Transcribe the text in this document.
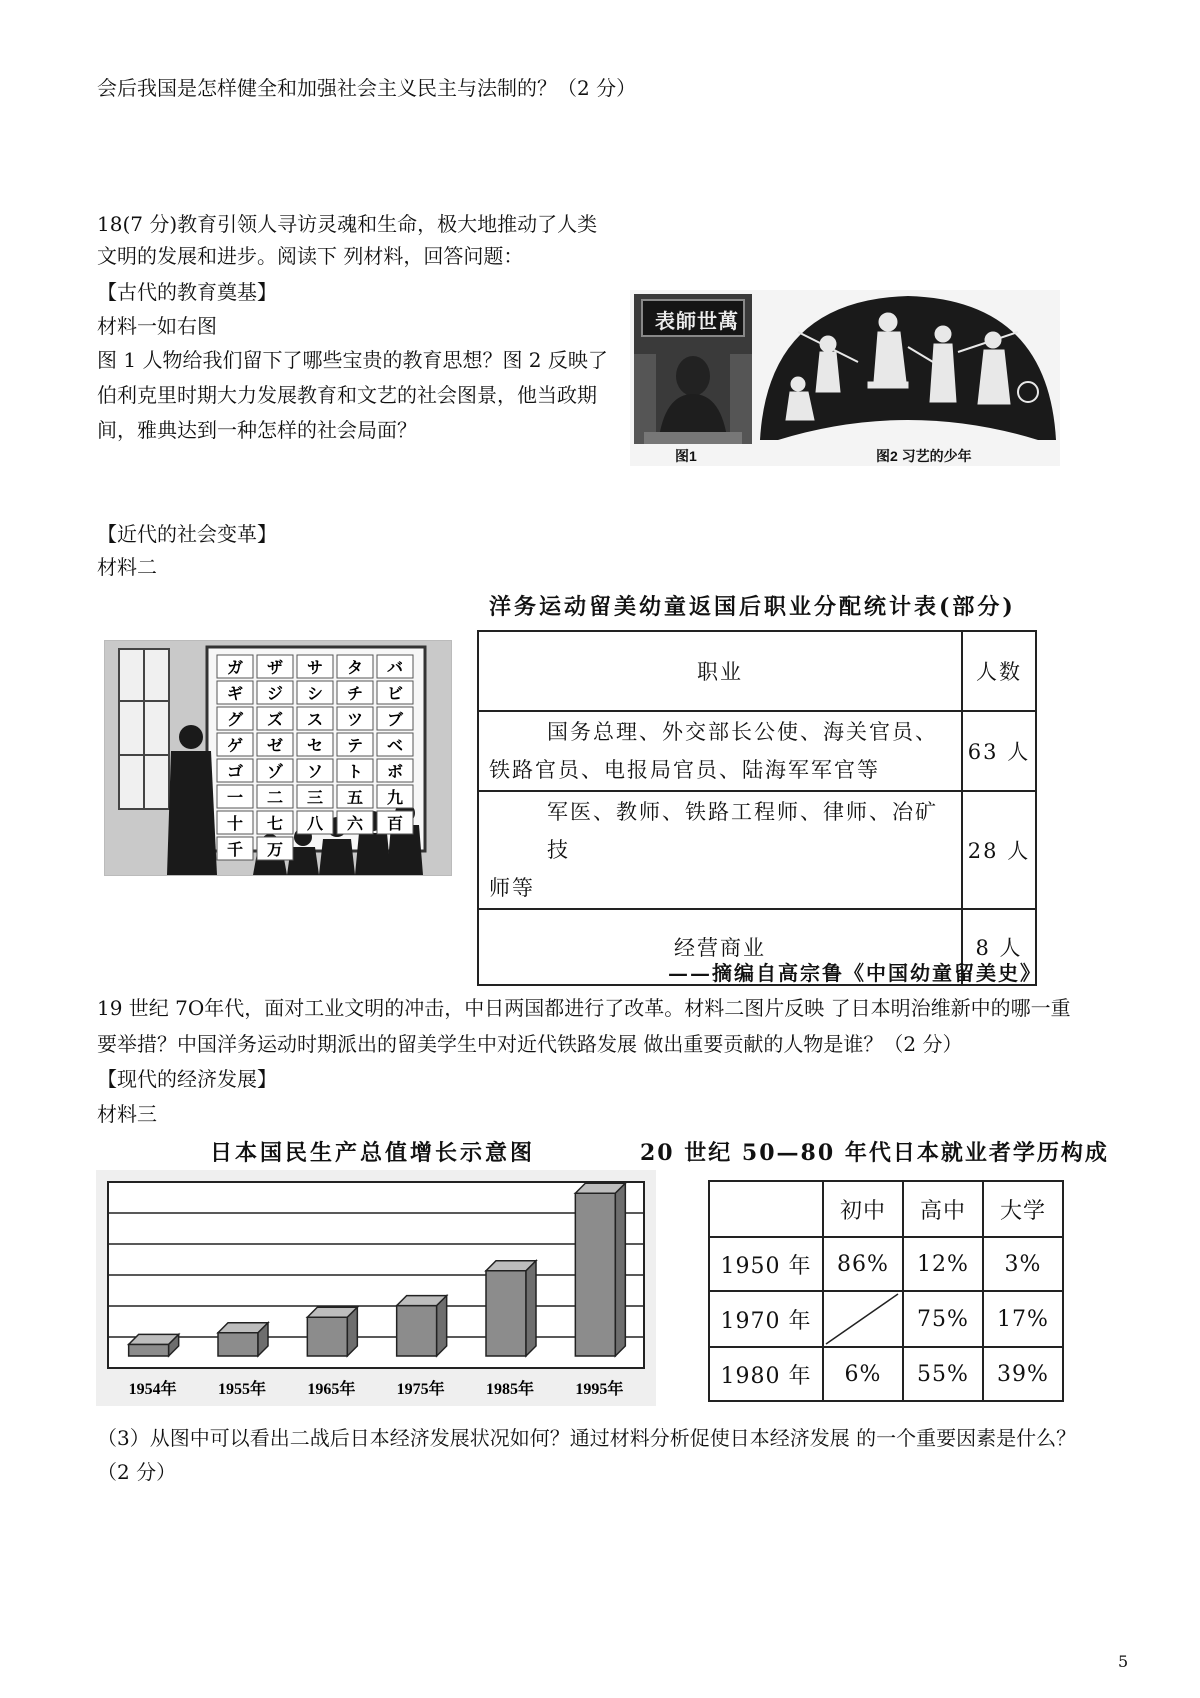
会后我国是怎样健全和加强社会主义民主与法制的？（2 分）
18(7 分)教育引领人寻访灵魂和生命，极大地推动了人类
文明的发展和进步。阅读下 列材料，回答问题：
【古代的教育奠基】
材料一如右图
图 1 人物给我们留下了哪些宝贵的教育思想？图 2 反映了
伯利克里时期大力发展教育和文艺的社会图景，他当政期
间，雅典达到一种怎样的社会局面？
表師世萬
图1	图2 习艺的少年
【近代的社会变革】
材料二
ガ ザ サ タ バ
ギ ジ シ チ ビ
グ ズ ス ツ ブ
ゲ ゼ セ テ ベ
ゴ ゾ ソ ト ボ
一 二 三 五 九
十 七 八 六 百
千 万
洋务运动留美幼童返国后职业分配统计表(部分)
职业	人数

国务总理、外交部长公使、海关官员、
铁路官员、电报局官员、陆海军军官等	63 人

军医、教师、铁路工程师、律师、冶矿技
师等	28 人
经营商业	8 人
——摘编自高宗鲁《中国幼童留美史》
19 世纪 7O年代，面对工业文明的冲击，中日两国都进行了改革。材料二图片反映 了日本明治维新中的哪一重
要举措？中国洋务运动时期派出的留美学生中对近代铁路发展 做出重要贡献的人物是谁？（2 分）
【现代的经济发展】
材料三
日本国民生产总值增长示意图
1954年	1955年	1965年	1975年	1985年	1995年
20 世纪 50—80 年代日本就业者学历构成
	初中	高中	大学
1950 年	86%	12%	3%
1970 年		75%	17%
1980 年	6%	55%	39%
（3）从图中可以看出二战后日本经济发展状况如何？通过材料分析促使日本经济发展 的一个重要因素是什么？
（2 分）
5
